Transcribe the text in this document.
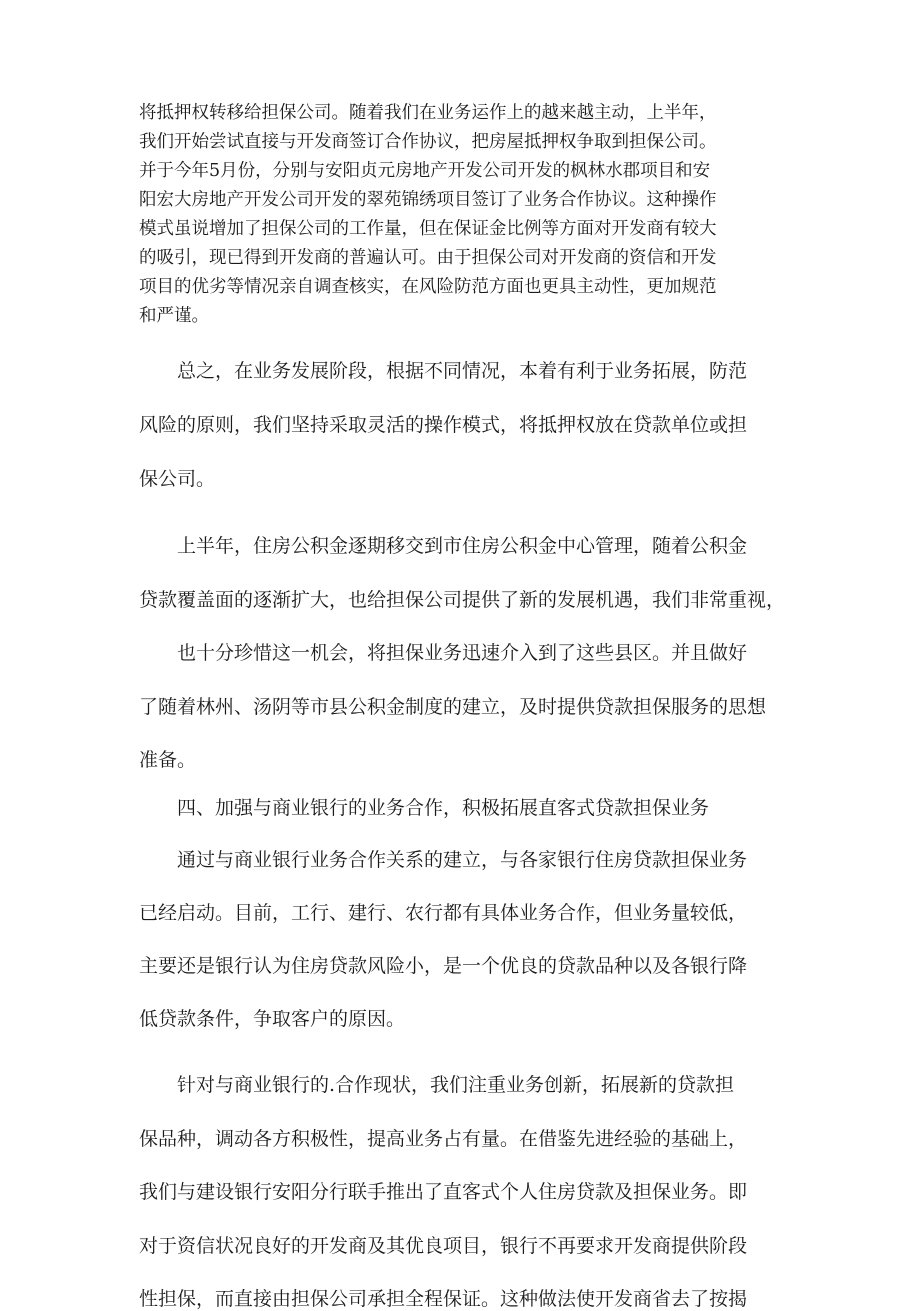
将抵押权转移给担保公司。随着我们在业务运作上的越来越主动，上半年，
我们开始尝试直接与开发商签订合作协议，把房屋抵押权争取到担保公司。
并于今年5月份，分别与安阳贞元房地产开发公司开发的枫林水郡项目和安
阳宏大房地产开发公司开发的翠苑锦绣项目签订了业务合作协议。这种操作
模式虽说增加了担保公司的工作量，但在保证金比例等方面对开发商有较大
的吸引，现已得到开发商的普遍认可。由于担保公司对开发商的资信和开发
项目的优劣等情况亲自调查核实，在风险防范方面也更具主动性，更加规范
和严谨。
总之，在业务发展阶段，根据不同情况，本着有利于业务拓展，防范
风险的原则，我们坚持采取灵活的操作模式，将抵押权放在贷款单位或担
保公司。
上半年，住房公积金逐期移交到市住房公积金中心管理，随着公积金
贷款覆盖面的逐渐扩大，也给担保公司提供了新的发展机遇，我们非常重视，
也十分珍惜这一机会，将担保业务迅速介入到了这些县区。并且做好
了随着林州、汤阴等市县公积金制度的建立，及时提供贷款担保服务的思想
准备。
四、加强与商业银行的业务合作，积极拓展直客式贷款担保业务
通过与商业银行业务合作关系的建立，与各家银行住房贷款担保业务
已经启动。目前，工行、建行、农行都有具体业务合作，但业务量较低，
主要还是银行认为住房贷款风险小，是一个优良的贷款品种以及各银行降
低贷款条件，争取客户的原因。
针对与商业银行的.合作现状，我们注重业务创新，拓展新的贷款担
保品种，调动各方积极性，提高业务占有量。在借鉴先进经验的基础上，
我们与建设银行安阳分行联手推出了直客式个人住房贷款及担保业务。即
对于资信状况良好的开发商及其优良项目，银行不再要求开发商提供阶段
性担保，而直接由担保公司承担全程保证。这种做法使开发商省去了按揭
